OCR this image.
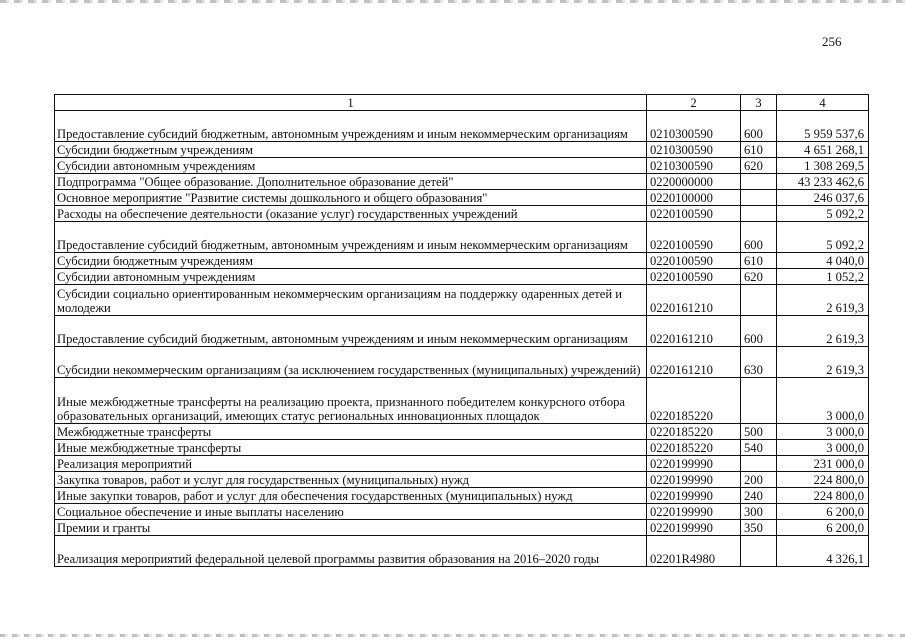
256
1	2	3	4
Предоставление субсидий бюджетным, автономным учреждениям и иным некоммерческим организациям	0210300590	600	5 959 537,6
Субсидии бюджетным учреждениям	0210300590	610	4 651 268,1
Субсидии автономным учреждениям	0210300590	620	1 308 269,5
Подпрограмма "Общее образование. Дополнительное образование детей"	0220000000		43 233 462,6
Основное мероприятие "Развитие системы дошкольного и общего образования"	0220100000		246 037,6
Расходы на обеспечение деятельности (оказание услуг) государственных учреждений	0220100590		5 092,2
Предоставление субсидий бюджетным, автономным учреждениям и иным некоммерческим организациям	0220100590	600	5 092,2
Субсидии бюджетным учреждениям	0220100590	610	4 040,0
Субсидии автономным учреждениям	0220100590	620	1 052,2
Субсидии социально ориентированным некоммерческим организациям на поддержку одаренных детей и молодежи	0220161210		2 619,3
Предоставление субсидий бюджетным, автономным учреждениям и иным некоммерческим организациям	0220161210	600	2 619,3
Субсидии некоммерческим организациям (за исключением государственных (муниципальных) учреждений)	0220161210	630	2 619,3
Иные межбюджетные трансферты на реализацию проекта, признанного победителем конкурсного отбора образовательных организаций, имеющих статус региональных инновационных площадок	0220185220		3 000,0
Межбюджетные трансферты	0220185220	500	3 000,0
Иные межбюджетные трансферты	0220185220	540	3 000,0
Реализация мероприятий	0220199990		231 000,0
Закупка товаров, работ и услуг для государственных (муниципальных) нужд	0220199990	200	224 800,0
Иные закупки товаров, работ и услуг для обеспечения государственных (муниципальных) нужд	0220199990	240	224 800,0
Социальное обеспечение и иные выплаты населению	0220199990	300	6 200,0
Премии и гранты	0220199990	350	6 200,0
Реализация мероприятий федеральной целевой программы развития образования на 2016–2020 годы	02201R4980		4 326,1
